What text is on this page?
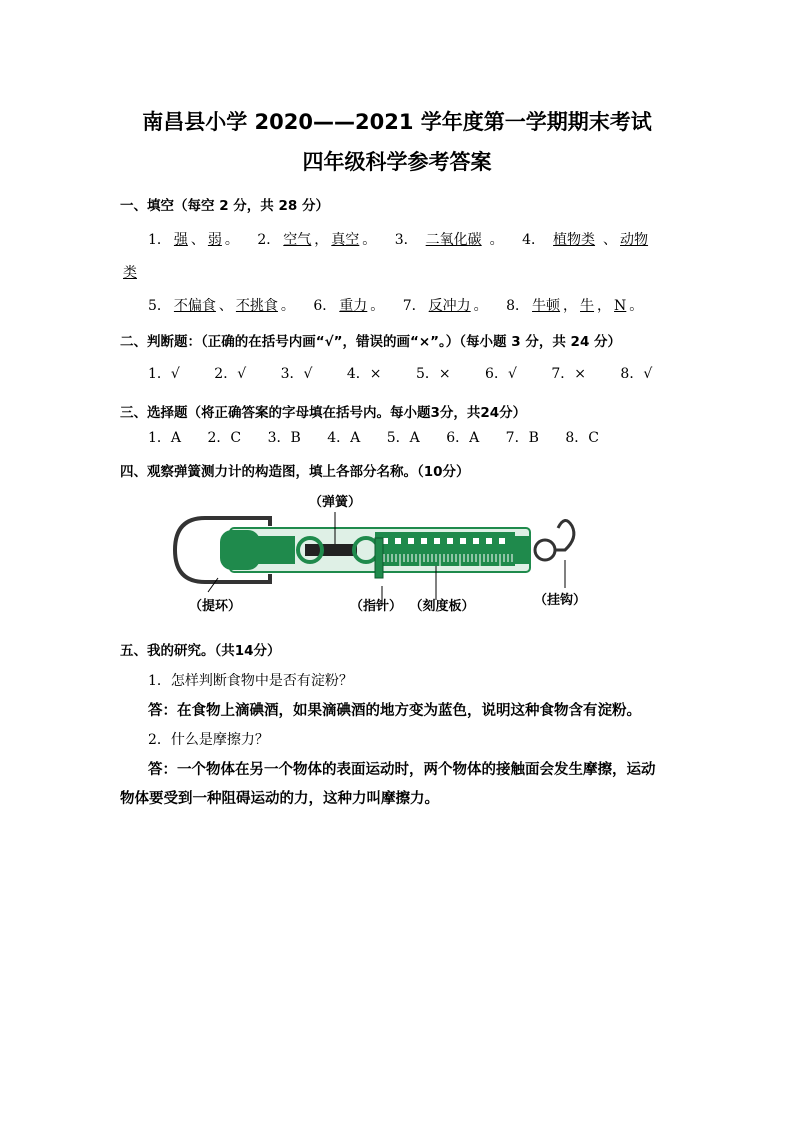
南昌县小学 2020——2021 学年度第一学期期末考试
四年级科学参考答案
一、填空（每空 2 分，共 28 分）
1． 强 、 弱 。 2． 空气 ， 真空 。 3． 二氧化碳 。 4． 植物类 、 动物
类
5． 不偏食 、 不挑食 。 6． 重力 。 7． 反冲力 。 8． 牛顿 ， 牛 ， N 。
二、判断题：（正确的在括号内画“√”，错误的画“×”。）（每小题 3 分，共 24 分）
1．√ 2．√ 3．√ 4．× 5．× 6．√ 7．× 8．√
三、选择题（将正确答案的字母填在括号内。每小题3分，共24分）
1．A 2．C 3．B 4．A 5．A 6．A 7．B 8．C
四、观察弹簧测力计的构造图，填上各部分名称。（10分）
（弹簧）
（提环）	（指针） （刻度板）	（挂钩）
五、我的研究。（共14分）
1．怎样判断食物中是否有淀粉？
答：在食物上滴碘酒，如果滴碘酒的地方变为蓝色，说明这种食物含有淀粉。
2．什么是摩擦力？
答：一个物体在另一个物体的表面运动时，两个物体的接触面会发生摩擦，运动
物体要受到一种阻碍运动的力，这种力叫摩擦力。
